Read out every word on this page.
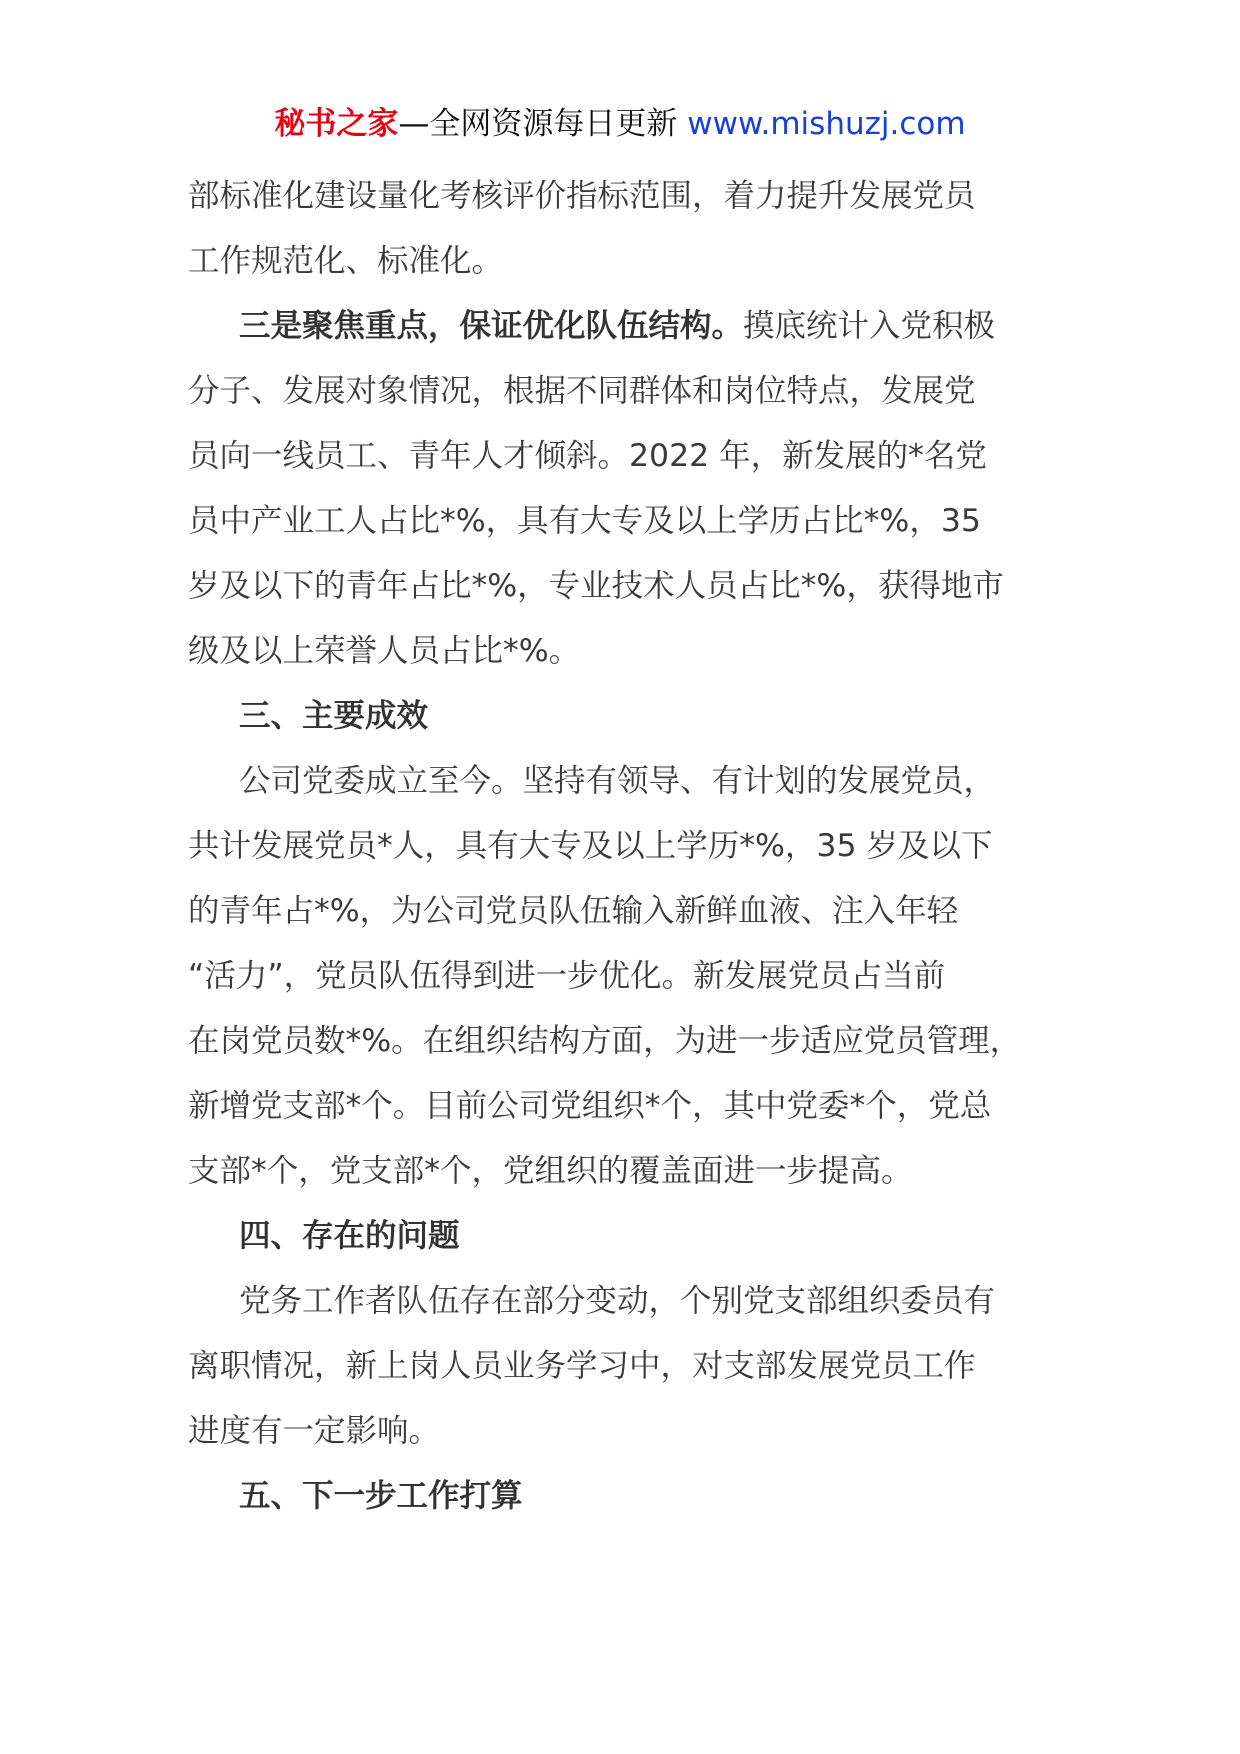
秘书之家—全网资源每日更新 www.mishuzj.com
部标准化建设量化考核评价指标范围，着力提升发展党员
工作规范化、标准化。
三是聚焦重点，保证优化队伍结构。摸底统计入党积极
分子、发展对象情况，根据不同群体和岗位特点，发展党
员向一线员工、青年人才倾斜。2022 年，新发展的*名党
员中产业工人占比*%，具有大专及以上学历占比*%，35
岁及以下的青年占比*%，专业技术人员占比*%，获得地市
级及以上荣誉人员占比*%。
三、主要成效
公司党委成立至今。坚持有领导、有计划的发展党员，
共计发展党员*人，具有大专及以上学历*%，35 岁及以下
的青年占*%，为公司党员队伍输入新鲜血液、注入年轻
“活力”，党员队伍得到进一步优化。新发展党员占当前
在岗党员数*%。在组织结构方面，为进一步适应党员管理，
新增党支部*个。目前公司党组织*个，其中党委*个，党总
支部*个，党支部*个，党组织的覆盖面进一步提高。
四、存在的问题
党务工作者队伍存在部分变动，个别党支部组织委员有
离职情况，新上岗人员业务学习中，对支部发展党员工作
进度有一定影响。
五、下一步工作打算
